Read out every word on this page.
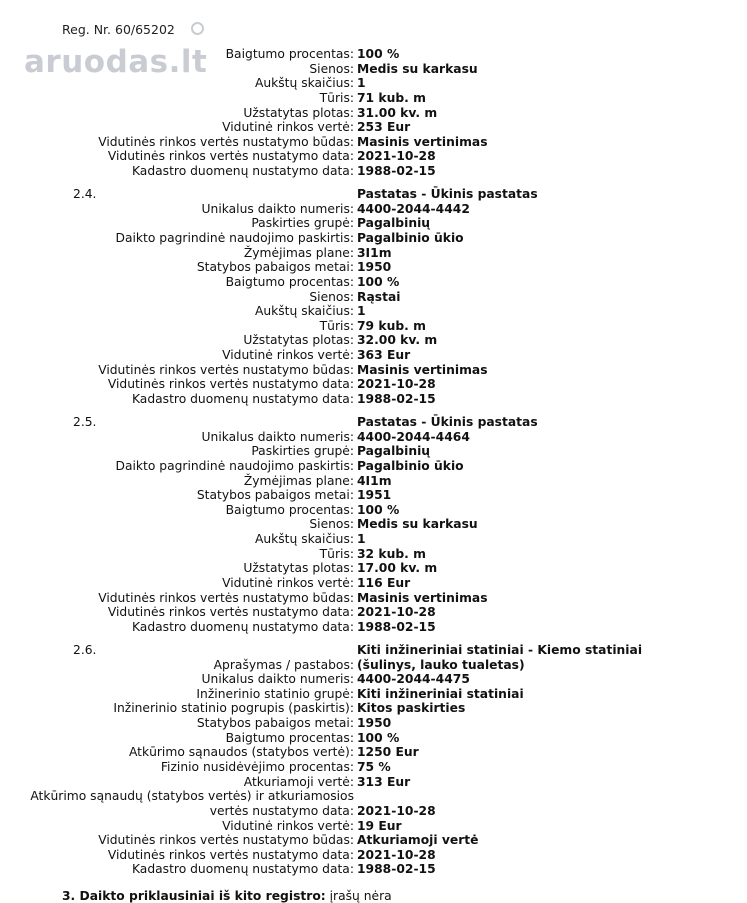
Reg. Nr. 60/65202
aruodas.lt Baigtumo procentas: 100 %
Sienos: Medis su karkasu
Aukštų skaičius: 1
Tūris: 71 kub. m
Užstatytas plotas: 31.00 kv. m
Vidutinė rinkos vertė: 253 Eur
Vidutinės rinkos vertės nustatymo būdas: Masinis vertinimas
Vidutinės rinkos vertės nustatymo data: 2021-10-28
Kadastro duomenų nustatymo data: 1988-02-15
2.4.	Pastatas - Ūkinis pastatas
Unikalus daikto numeris: 4400-2044-4442
Paskirties grupė: Pagalbinių
Daikto pagrindinė naudojimo paskirtis: Pagalbinio ūkio
Žymėjimas plane: 3I1m
Statybos pabaigos metai: 1950
Baigtumo procentas: 100 %
Sienos: Rąstai
Aukštų skaičius: 1
Tūris: 79 kub. m
Užstatytas plotas: 32.00 kv. m
Vidutinė rinkos vertė: 363 Eur
Vidutinės rinkos vertės nustatymo būdas: Masinis vertinimas
Vidutinės rinkos vertės nustatymo data: 2021-10-28
Kadastro duomenų nustatymo data: 1988-02-15
2.5.	Pastatas - Ūkinis pastatas
Unikalus daikto numeris: 4400-2044-4464
Paskirties grupė: Pagalbinių
Daikto pagrindinė naudojimo paskirtis: Pagalbinio ūkio
Žymėjimas plane: 4I1m
Statybos pabaigos metai: 1951
Baigtumo procentas: 100 %
Sienos: Medis su karkasu
Aukštų skaičius: 1
Tūris: 32 kub. m
Užstatytas plotas: 17.00 kv. m
Vidutinė rinkos vertė: 116 Eur
Vidutinės rinkos vertės nustatymo būdas: Masinis vertinimas
Vidutinės rinkos vertės nustatymo data: 2021-10-28
Kadastro duomenų nustatymo data: 1988-02-15
2.6.	Kiti inžineriniai statiniai - Kiemo statiniai
Aprašymas / pastabos: (šulinys, lauko tualetas)
Unikalus daikto numeris: 4400-2044-4475
Inžinerinio statinio grupė: Kiti inžineriniai statiniai
Inžinerinio statinio pogrupis (paskirtis): Kitos paskirties
Statybos pabaigos metai: 1950
Baigtumo procentas: 100 %
Atkūrimo sąnaudos (statybos vertė): 1250 Eur
Fizinio nusidėvėjimo procentas: 75 %
Atkuriamoji vertė: 313 Eur
Atkūrimo sąnaudų (statybos vertės) ir atkuriamosios
vertės nustatymo data: 2021-10-28
Vidutinė rinkos vertė: 19 Eur
Vidutinės rinkos vertės nustatymo būdas: Atkuriamoji vertė
Vidutinės rinkos vertės nustatymo data: 2021-10-28
Kadastro duomenų nustatymo data: 1988-02-15
3. Daikto priklausiniai iš kito registro: įrašų nėra
